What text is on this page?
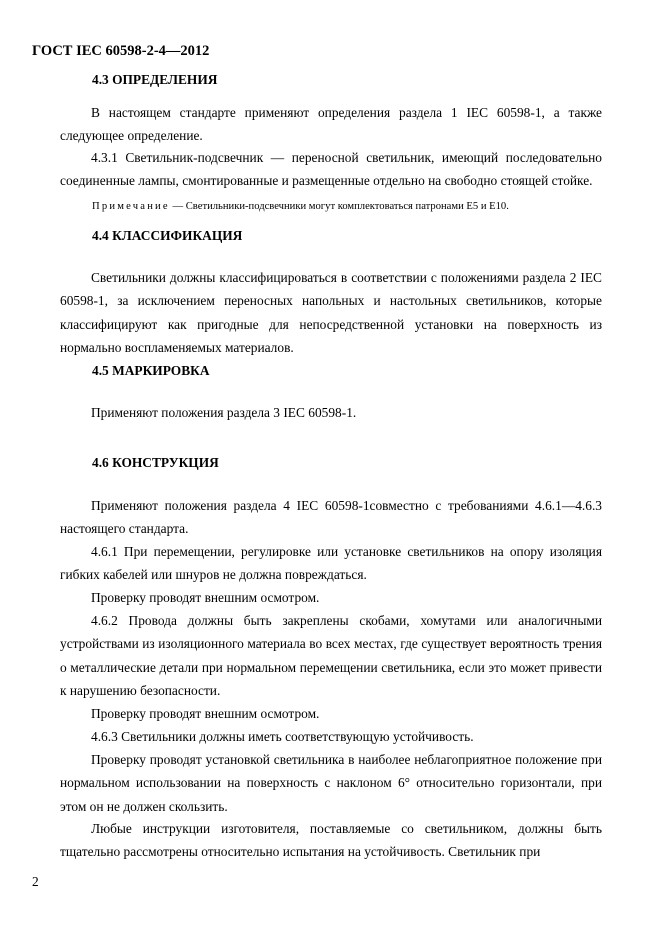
ГОСТ IEC 60598-2-4—2012
4.3 ОПРЕДЕЛЕНИЯ

В настоящем стандарте применяют определения раздела 1 IEC 60598-1, а также следующее определение.

4.3.1 Светильник-подсвечник — переносной светильник, имеющий последовательно соединенные лампы, смонтированные и размещенные отдельно на свободно стоящей стойке.

Примечание — Светильники-подсвечники могут комплектоваться патронами E5 и E10.
4.4 КЛАССИФИКАЦИЯ

Светильники должны классифицироваться в соответствии с положениями раздела 2 IEC 60598-1, за исключением переносных напольных и настольных светильников, которые классифицируют как пригодные для непосредственной установки на поверхность из нормально воспламеняемых материалов.

4.5 МАРКИРОВКА

Применяют положения раздела 3 IEC 60598-1.

4.6 КОНСТРУКЦИЯ

Применяют положения раздела 4 IEC 60598-1совместно с требованиями 4.6.1—4.6.3 настоящего стандарта.

4.6.1 При перемещении, регулировке или установке светильников на опору изоляция гибких кабелей или шнуров не должна повреждаться.

Проверку проводят внешним осмотром.

4.6.2 Провода должны быть закреплены скобами, хомутами или аналогичными устройствами из изоляционного материала во всех местах, где существует вероятность трения о металлические детали при нормальном перемещении светильника, если это может привести к нарушению безопасности.

Проверку проводят внешним осмотром.

4.6.3 Светильники должны иметь соответствующую устойчивость.

Проверку проводят установкой светильника в наиболее неблагоприятное положение при нормальном использовании на поверхность с наклоном 6° относительно горизонтали, при этом он не должен скользить.

Любые инструкции изготовителя, поставляемые со светильником, должны быть тщательно рассмотрены относительно испытания на устойчивость. Светильник при

2
